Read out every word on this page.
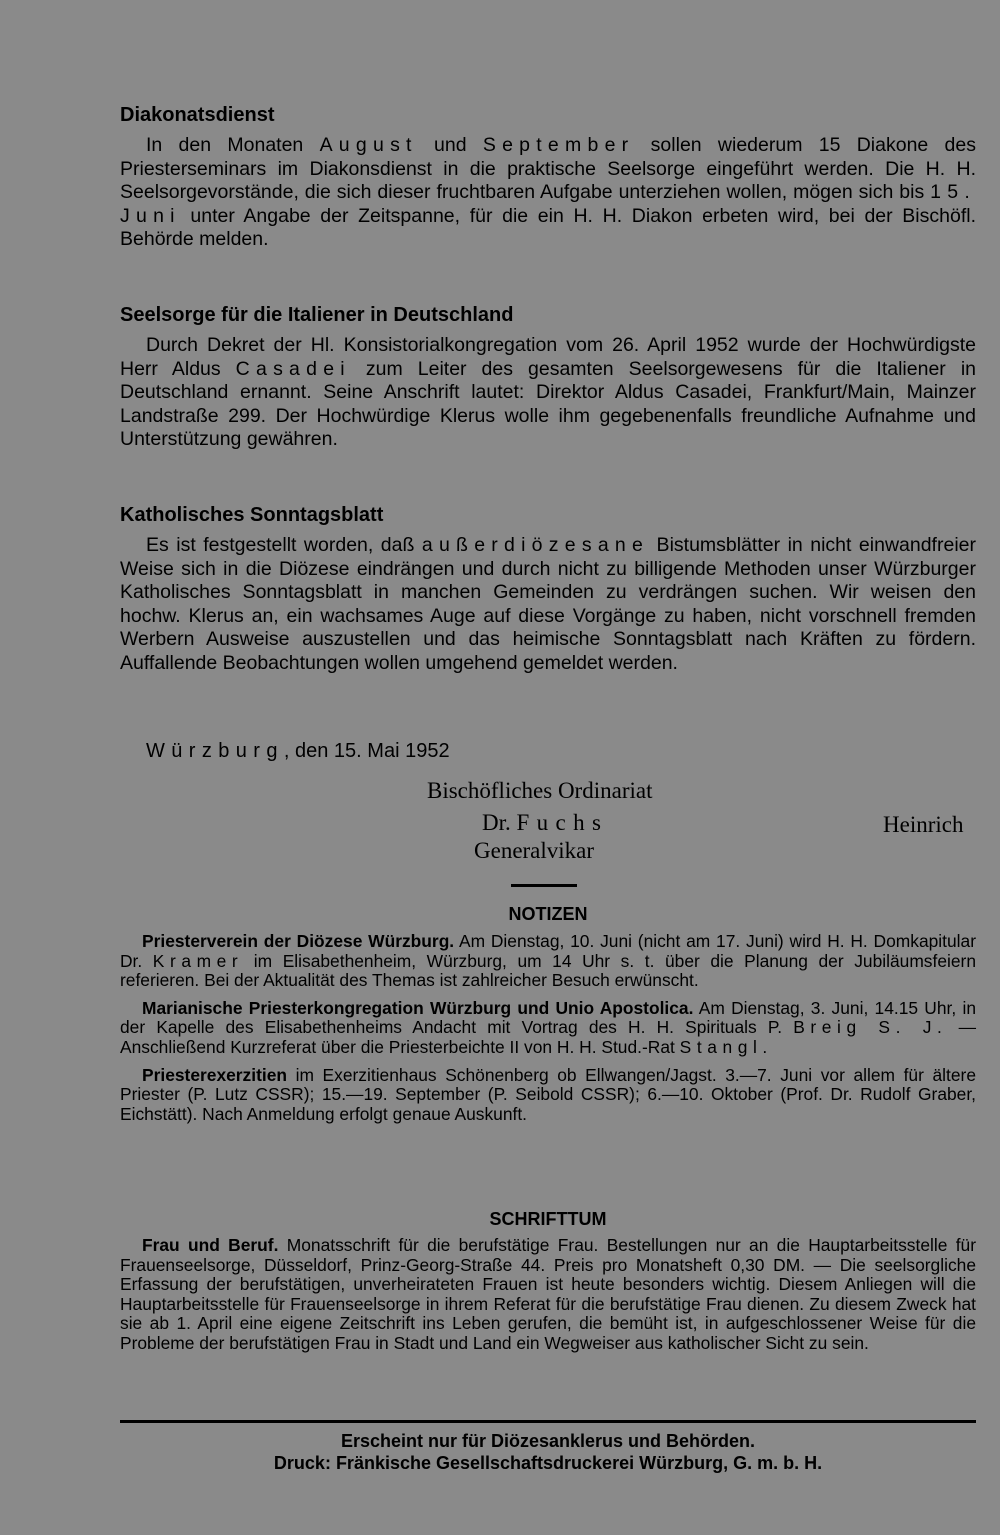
Diakonatsdienst

In den Monaten August und September sollen wiederum 15 Diakone des Priesterseminars im Diakonsdienst in die praktische Seelsorge eingeführt werden. Die H. H. Seelsorgevorstände, die sich dieser fruchtbaren Aufgabe unterziehen wollen, mögen sich bis 15. Juni unter Angabe der Zeitspanne, für die ein H. H. Diakon erbeten wird, bei der Bischöfl. Behörde melden.

Seelsorge für die Italiener in Deutschland

Durch Dekret der Hl. Konsistorialkongregation vom 26. April 1952 wurde der Hochwürdigste Herr Aldus Casadei zum Leiter des gesamten Seelsorgewesens für die Italiener in Deutschland ernannt. Seine Anschrift lautet: Direktor Aldus Casadei, Frankfurt/Main, Mainzer Landstraße 299. Der Hochwürdige Klerus wolle ihm gegebenenfalls freundliche Aufnahme und Unterstützung gewähren.

Katholisches Sonntagsblatt

Es ist festgestellt worden, daß außerdiözesane Bistumsblätter in nicht einwandfreier Weise sich in die Diözese eindrängen und durch nicht zu billigende Methoden unser Würzburger Katholisches Sonntagsblatt in manchen Gemeinden zu verdrängen suchen. Wir weisen den hochw. Klerus an, ein wachsames Auge auf diese Vorgänge zu haben, nicht vorschnell fremden Werbern Ausweise auszustellen und das heimische Sonntagsblatt nach Kräften zu fördern. Auffallende Beobachtungen wollen umgehend gemeldet werden.

Würzburg, den 15. Mai 1952
Bischöfliches Ordinariat
Dr. Fuchs
Generalvikar
Heinrich
NOTIZEN

Priesterverein der Diözese Würzburg. Am Dienstag, 10. Juni (nicht am 17. Juni) wird H. H. Domkapitular Dr. Kramer im Elisabethenheim, Würzburg, um 14 Uhr s. t. über die Planung der Jubiläumsfeiern referieren. Bei der Aktualität des Themas ist zahlreicher Besuch erwünscht.

Marianische Priesterkongregation Würzburg und Unio Apostolica. Am Dienstag, 3. Juni, 14.15 Uhr, in der Kapelle des Elisabethenheims Andacht mit Vortrag des H. H. Spirituals P. Breig S. J. — Anschließend Kurzreferat über die Priesterbeichte II von H. H. Stud.-Rat Stangl.

Priesterexerzitien im Exerzitienhaus Schönenberg ob Ellwangen/Jagst. 3.—7. Juni vor allem für ältere Priester (P. Lutz CSSR); 15.—19. September (P. Seibold CSSR); 6.—10. Oktober (Prof. Dr. Rudolf Graber, Eichstätt). Nach Anmeldung erfolgt genaue Auskunft.

SCHRIFTTUM

Frau und Beruf. Monatsschrift für die berufstätige Frau. Bestellungen nur an die Hauptarbeitsstelle für Frauenseelsorge, Düsseldorf, Prinz-Georg-Straße 44. Preis pro Monatsheft 0,30 DM. — Die seelsorgliche Erfassung der berufstätigen, unverheirateten Frauen ist heute besonders wichtig. Diesem Anliegen will die Hauptarbeitsstelle für Frauenseelsorge in ihrem Referat für die berufstätige Frau dienen. Zu diesem Zweck hat sie ab 1. April eine eigene Zeitschrift ins Leben gerufen, die bemüht ist, in aufgeschlossener Weise für die Probleme der berufstätigen Frau in Stadt und Land ein Wegweiser aus katholischer Sicht zu sein.

Erscheint nur für Diözesanklerus und Behörden.
Druck: Fränkische Gesellschaftsdruckerei Würzburg, G. m. b. H.
